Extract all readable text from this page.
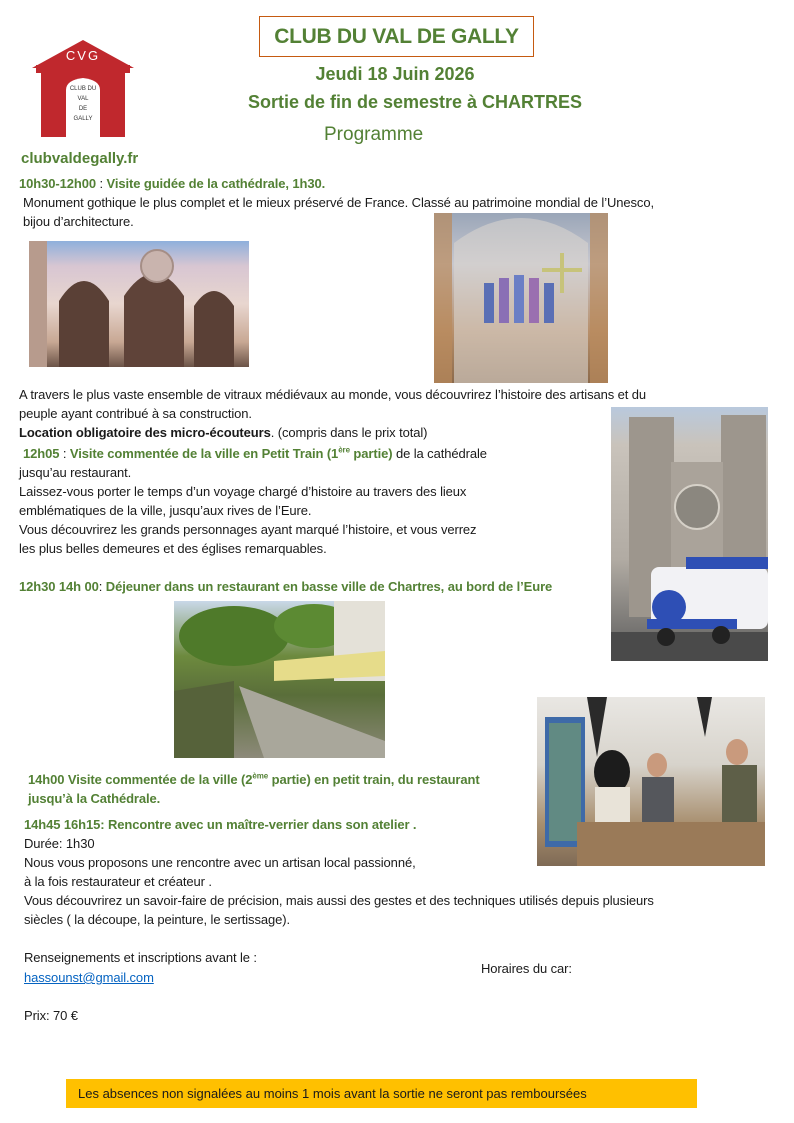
CVG
CLUB DU
VAL
DE
GALLY
clubvaldegally.fr
CLUB DU VAL DE GALLY
Jeudi 18 Juin 2026
Sortie de fin de semestre à CHARTRES
Programme
10h30-12h00 : Visite guidée de la cathédrale, 1h30.
Monument gothique le plus complet et le mieux préservé de France. Classé au patrimoine mondial de l’Unesco,
bijou d’architecture.
A travers le plus vaste ensemble de vitraux médiévaux au monde, vous découvrirez l’histoire des artisans et du
peuple ayant contribué à sa construction.
Location obligatoire des micro-écouteurs. (compris dans le prix total)
12h05 : Visite commentée de la ville en Petit Train (1ère partie) de la cathédrale
jusqu’au restaurant.
Laissez-vous porter le temps d’un voyage chargé d’histoire au travers des lieux
emblématiques de la ville, jusqu’aux rives de l’Eure.
Vous découvrirez les grands personnages ayant marqué l’histoire, et vous verrez
les plus belles demeures et des églises remarquables.
12h30 14h 00: Déjeuner dans un restaurant en basse ville de Chartres, au bord de l’Eure
14h00 Visite commentée de la ville (2ème partie) en petit train, du restaurant
jusqu’à la Cathédrale.
14h45 16h15: Rencontre avec un maître-verrier dans son atelier .
Durée: 1h30
Nous vous proposons une rencontre avec un artisan local passionné,
à la fois restaurateur et créateur .
Vous découvrirez un savoir-faire de précision, mais aussi des gestes et des techniques utilisés depuis plusieurs
siècles ( la découpe, la peinture, le sertissage).
Renseignements et inscriptions avant le :
hassounst@gmail.com
Horaires du car:
Prix: 70 €
Les absences non signalées au moins 1 mois avant la sortie ne seront pas remboursées
